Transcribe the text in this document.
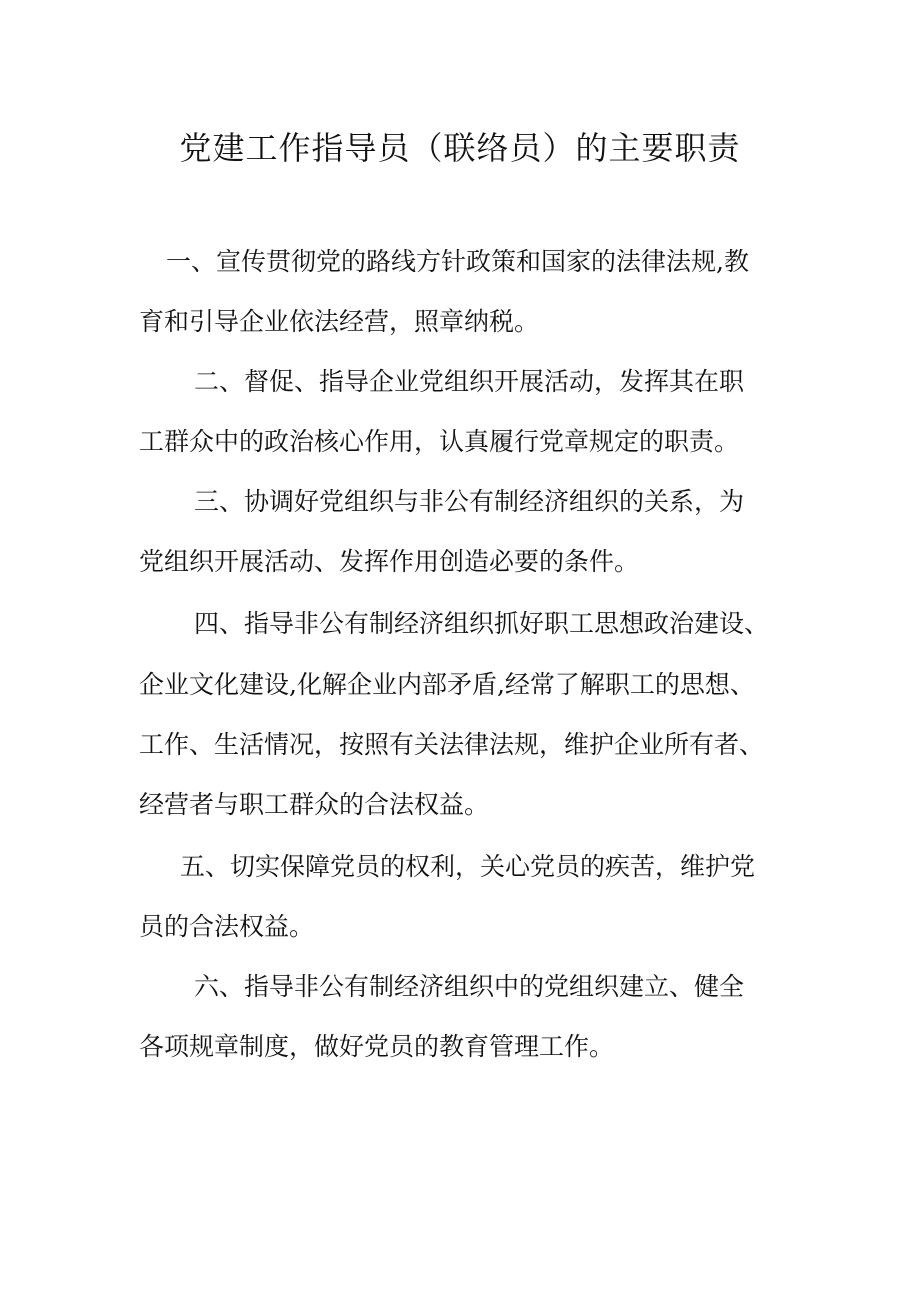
党建工作指导员（联络员）的主要职责

一、宣传贯彻党的路线方针政策和国家的法律法规,教

育和引导企业依法经营，照章纳税。

二、督促、指导企业党组织开展活动，发挥其在职

工群众中的政治核心作用，认真履行党章规定的职责。

三、协调好党组织与非公有制经济组织的关系，为

党组织开展活动、发挥作用创造必要的条件。

四、指导非公有制经济组织抓好职工思想政治建设、

企业文化建设,化解企业内部矛盾,经常了解职工的思想、

工作、生活情况，按照有关法律法规，维护企业所有者、

经营者与职工群众的合法权益。

五、切实保障党员的权利，关心党员的疾苦，维护党

员的合法权益。

六、指导非公有制经济组织中的党组织建立、健全

各项规章制度，做好党员的教育管理工作。
